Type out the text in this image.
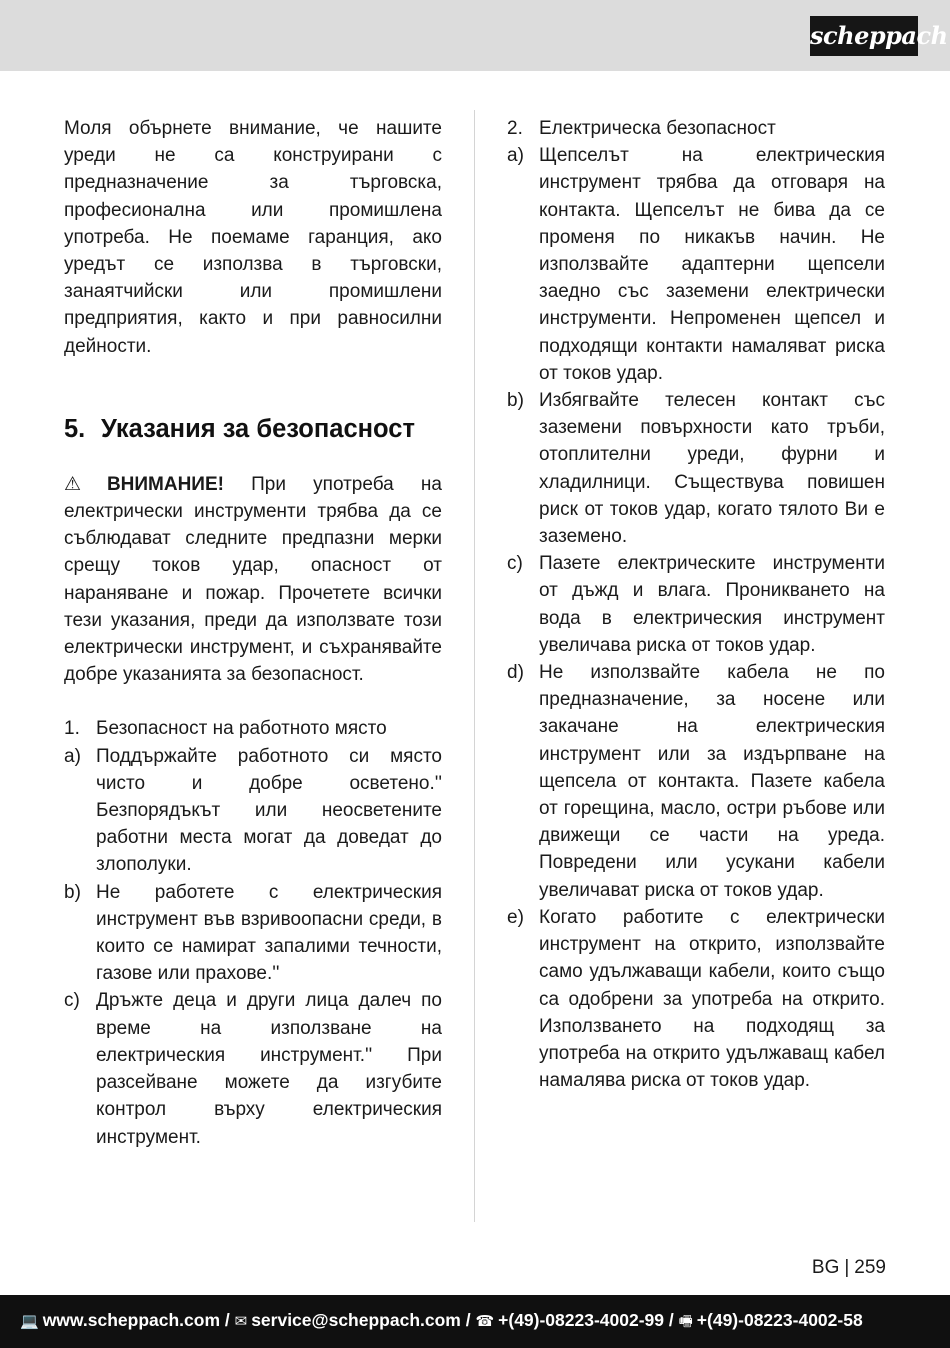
scheppach

Моля обърнете внимание, че нашите уреди не са конструирани с предназначение за търговска, професионална или промишлена употреба. Не поемаме гаранция, ако уредът се използва в търговски, занаятчийски или промишлени предприятия, както и при равносилни дейности.

5. Указания за безопасност

⚠ ВНИМАНИЕ! При употреба на електрически инструменти трябва да се съблюдават следните предпазни мерки срещу токов удар, опасност от нараняване и пожар. Прочетете всички тези указания, преди да използвате този електрически инструмент, и съхранявайте добре указанията за безопасност.

1. Безопасност на работното място
a) Поддържайте работното си място чисто и добре осветено.'' Безпорядъкът или неосветените работни места могат да доведат до злополуки.
b) Не работете с електрическия инструмент във взривоопасни среди, в които се намират запалими течности, газове или прахове.''
c) Дръжте деца и други лица далеч по време на използване на електрическия инструмент.'' При разсейване можете да изгубите контрол върху електрическия инструмент.
2. Електрическа безопасност
a) Щепселът на електрическия инструмент трябва да отговаря на контакта. Щепселът не бива да се променя по никакъв начин. Не използвайте адаптерни щепсели заедно със заземени електрически инструменти. Непроменен щепсел и подходящи контакти намаляват риска от токов удар.
b) Избягвайте телесен контакт със заземени повърхности като тръби, отоплителни уреди, фурни и хладилници. Съществува повишен риск от токов удар, когато тялото Ви е заземено.
c) Пазете електрическите инструменти от дъжд и влага. Проникването на вода в електрическия инструмент увеличава риска от токов удар.
d) Не използвайте кабела не по предназначение, за носене или закачане на електрическия инструмент или за издърпване на щепсела от контакта. Пазете кабела от горещина, масло, остри ръбове или движещи се части на уреда. Повредени или усукани кабели увеличават риска от токов удар.
e) Когато работите с електрически инструмент на открито, използвайте само удължаващи кабели, които също са одобрени за употреба на открито. Използването на подходящ за употреба на открито удължаващ кабел намалява риска от токов удар.
BG | 259
💻 www.scheppach.com / ✉ service@scheppach.com / ☎ +(49)-08223-4002-99 / 🖷 +(49)-08223-4002-58
